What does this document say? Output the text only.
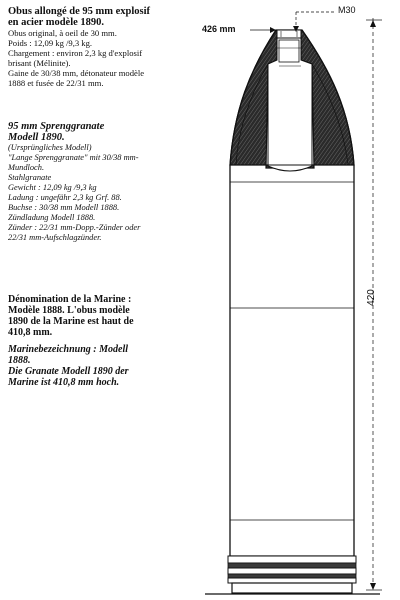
Obus allongé de 95 mm explosif
en acier modèle 1890.
Obus original, à oeil de 30 mm.
Poids : 12,09 kg /9,3 kg.
Chargement : environ 2,3 kg d'explosif
brisant (Mélinite).
Gaine de 30/38 mm, détonateur modèle
1888 et fusée de 22/31 mm.
95 mm Sprenggranate
Modell 1890.
(Ursprüngliches Modell)
"Lange Sprenggranate" mit 30/38 mm-
Mundloch.
Stahlgranate
Gewicht : 12,09 kg /9,3 kg
Ladung : ungefähr 2,3 kg Grf. 88.
Buchse : 30/38 mm Modell 1888.
Zündladung Modell 1888.
Zünder : 22/31 mm-Dopp.-Zünder oder
22/31 mm-Aufschlagzünder.
Dénomination de la Marine :
Modèle 1888. L'obus modèle
1890 de la Marine est haut de
410,8 mm.
Marinebezeichnung : Modell
1888.
Die Granate Modell 1890 der
Marine ist 410,8 mm hoch.
426 mm
M30
420
